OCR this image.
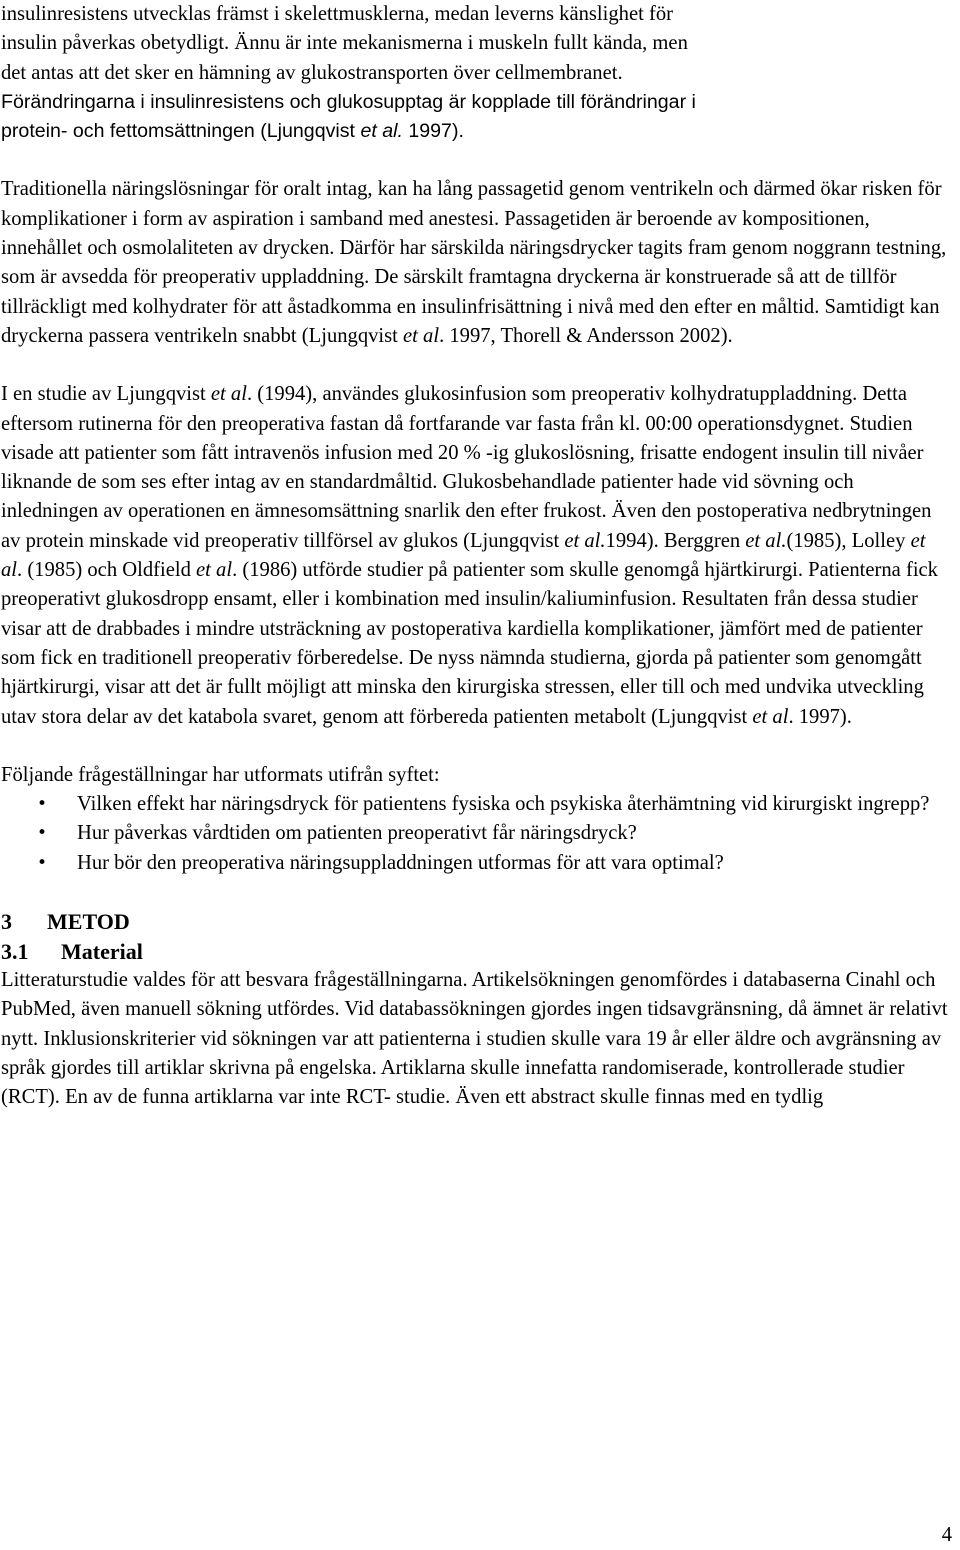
insulinresistens utvecklas främst i skelettmusklerna, medan leverns känslighet för

insulin påverkas obetydligt. Ännu är inte mekanismerna i muskeln fullt kända, men

det antas att det sker en hämning av glukostransporten över cellmembranet.

Förändringarna i insulinresistens och glukosupptag är kopplade till förändringar i

protein- och fettomsättningen (Ljungqvist et al. 1997).

Traditionella näringslösningar för oralt intag, kan ha lång passagetid genom ventrikeln och därmed ökar risken för komplikationer i form av aspiration i samband med anestesi. Passagetiden är beroende av kompositionen, innehållet och osmolaliteten av drycken. Därför har särskilda näringsdrycker tagits fram genom noggrann testning, som är avsedda för preoperativ uppladdning. De särskilt framtagna dryckerna är konstruerade så att de tillför tillräckligt med kolhydrater för att åstadkomma en insulinfrisättning i nivå med den efter en måltid. Samtidigt kan dryckerna passera ventrikeln snabbt (Ljungqvist et al. 1997, Thorell & Andersson 2002).

I en studie av Ljungqvist et al. (1994), användes glukosinfusion som preoperativ kolhydratuppladdning. Detta eftersom rutinerna för den preoperativa fastan då fortfarande var fasta från kl. 00:00 operationsdygnet. Studien visade att patienter som fått intravenös infusion med 20 % -ig glukoslösning, frisatte endogent insulin till nivåer liknande de som ses efter intag av en standardmåltid. Glukosbehandlade patienter hade vid sövning och inledningen av operationen en ämnesomsättning snarlik den efter frukost. Även den postoperativa nedbrytningen av protein minskade vid preoperativ tillförsel av glukos (Ljungqvist et al.1994). Berggren et al.(1985), Lolley et al. (1985) och Oldfield et al. (1986) utförde studier på patienter som skulle genomgå hjärtkirurgi. Patienterna fick preoperativt glukosdropp ensamt, eller i kombination med insulin/kaliuminfusion. Resultaten från dessa studier visar att de drabbades i mindre utsträckning av postoperativa kardiella komplikationer, jämfört med de patienter som fick en traditionell preoperativ förberedelse. De nyss nämnda studierna, gjorda på patienter som genomgått hjärtkirurgi, visar att det är fullt möjligt att minska den kirurgiska stressen, eller till och med undvika utveckling utav stora delar av det katabola svaret, genom att förbereda patienten metabolt (Ljungqvist et al. 1997).

Följande frågeställningar har utformats utifrån syftet:

• Vilken effekt har näringsdryck för patientens fysiska och psykiska återhämtning vid kirurgiskt ingrepp?
• Hur påverkas vårdtiden om patienten preoperativt får näringsdryck?
• Hur bör den preoperativa näringsuppladdningen utformas för att vara optimal?

3 METOD

3.1 Material

Litteraturstudie valdes för att besvara frågeställningarna. Artikelsökningen genomfördes i databaserna Cinahl och PubMed, även manuell sökning utfördes. Vid databassökningen gjordes ingen tidsavgränsning, då ämnet är relativt nytt. Inklusionskriterier vid sökningen var att patienterna i studien skulle vara 19 år eller äldre och avgränsning av språk gjordes till artiklar skrivna på engelska. Artiklarna skulle innefatta randomiserade, kontrollerade studier (RCT). En av de funna artiklarna var inte RCT- studie. Även ett abstract skulle finnas med en tydlig

4
